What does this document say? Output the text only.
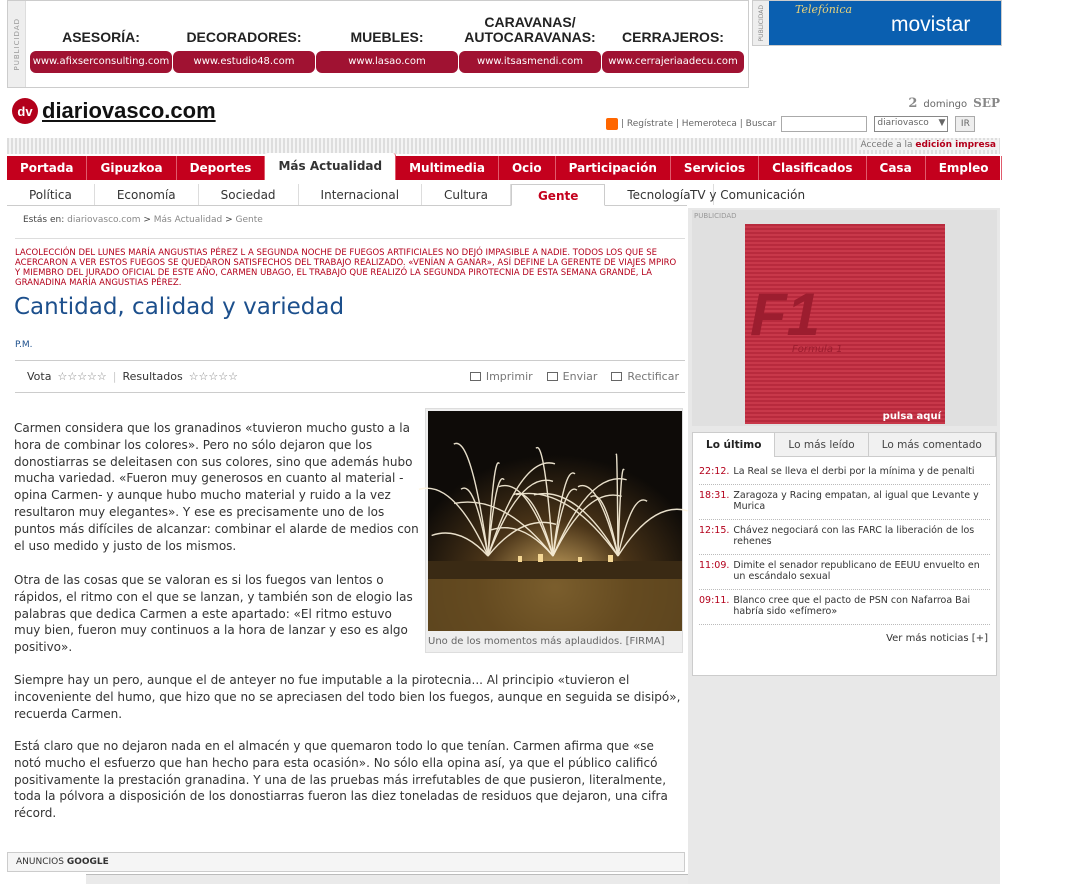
PUBLICIDAD	ASESORÍA:
www.afixserconsulting.com
DECORADORES:
www.estudio48.com
MUEBLES:
www.lasao.com
CARAVANAS/ AUTOCARAVANAS:
www.itsasmendi.com
CERRAJEROS:
www.cerrajeriaadecu.com
PUBLICIDAD	Telefónica
movistar
dv diariovasco.com	2 domingo SEP
| Regístrate | Hemeroteca | Buscar	diariovasco ▼	IR
Accede a la edición impresa
Portada	Gipuzkoa	Deportes	Más Actualidad	Multimedia	Ocio	Participación	Servicios	Clasificados	Casa	Empleo	Coche
Política	Economía	Sociedad	Internacional	Cultura	Gente	Tecnología TV y Comunicación
Estás en: diariovasco.com > Más Actualidad > Gente
LACOLECCIÓN DEL LUNES MARÍA ANGUSTIAS PÉREZ L A SEGUNDA NOCHE DE FUEGOS ARTIFICIALES NO DEJÓ IMPASIBLE A NADIE. TODOS LOS QUE SE ACERCARON A VER ESTOS FUEGOS SE QUEDARON SATISFECHOS DEL TRABAJO REALIZADO. «VENÍAN A GANAR», ASÍ DEFINE LA GERENTE DE VIAJES MPIRO Y MIEMBRO DEL JURADO OFICIAL DE ESTE AÑO, CARMEN UBAGO, EL TRABAJO QUE REALIZÓ LA SEGUNDA PIROTECNIA DE ESTA SEMANA GRANDE, LA GRANADINA MARÍA ANGUSTIAS PÉREZ.
Cantidad, calidad y variedad
P.M.
Vota ☆☆☆☆☆ | Resultados ☆☆☆☆☆	Imprimir	Enviar	Rectificar
Uno de los momentos más aplaudidos. [FIRMA]

Carmen considera que los granadinos «tuvieron mucho gusto a la hora de combinar los colores». Pero no sólo dejaron que los donostiarras se deleitasen con sus colores, sino que además hubo mucha variedad. «Fueron muy generosos en cuanto al material -opina Carmen- y aunque hubo mucho material y ruido a la vez resultaron muy elegantes». Y ese es precisamente uno de los puntos más difíciles de alcanzar: combinar el alarde de medios con el uso medido y justo de los mismos.

Otra de las cosas que se valoran es si los fuegos van lentos o rápidos, el ritmo con el que se lanzan, y también son de elogio las palabras que dedica Carmen a este apartado: «El ritmo estuvo muy bien, fueron muy continuos a la hora de lanzar y eso es algo positivo».

Siempre hay un pero, aunque el de anteyer no fue imputable a la pirotecnia... Al principio «tuvieron el incoveniente del humo, que hizo que no se apreciasen del todo bien los fuegos, aunque en seguida se disipó», recuerda Carmen.

Está claro que no dejaron nada en el almacén y que quemaron todo lo que tenían. Carmen afirma que «se notó mucho el esfuerzo que han hecho para esta ocasión». No sólo ella opina así, ya que el público calificó positivamente la prestación granadina. Y una de las pruebas más irrefutables de que pusieron, literalmente, toda la pólvora a disposición de los donostiarras fueron las diez toneladas de residuos que dejaron, una cifra récord.

ANUNCIOS GOOGLE
PUBLICIDAD
F1
Formula 1
pulsa aquí
Lo último	Lo más leído	Lo más comentado
22:12. La Real se lleva el derbi por la mínima y de penalti
18:31. Zaragoza y Racing empatan, al igual que Levante y Murica
12:15. Chávez negociará con las FARC la liberación de los rehenes
11:09. Dimite el senador republicano de EEUU envuelto en un escándalo sexual
09:11. Blanco cree que el pacto de PSN con Nafarroa Bai habría sido «efímero»
Ver más noticias [+]
